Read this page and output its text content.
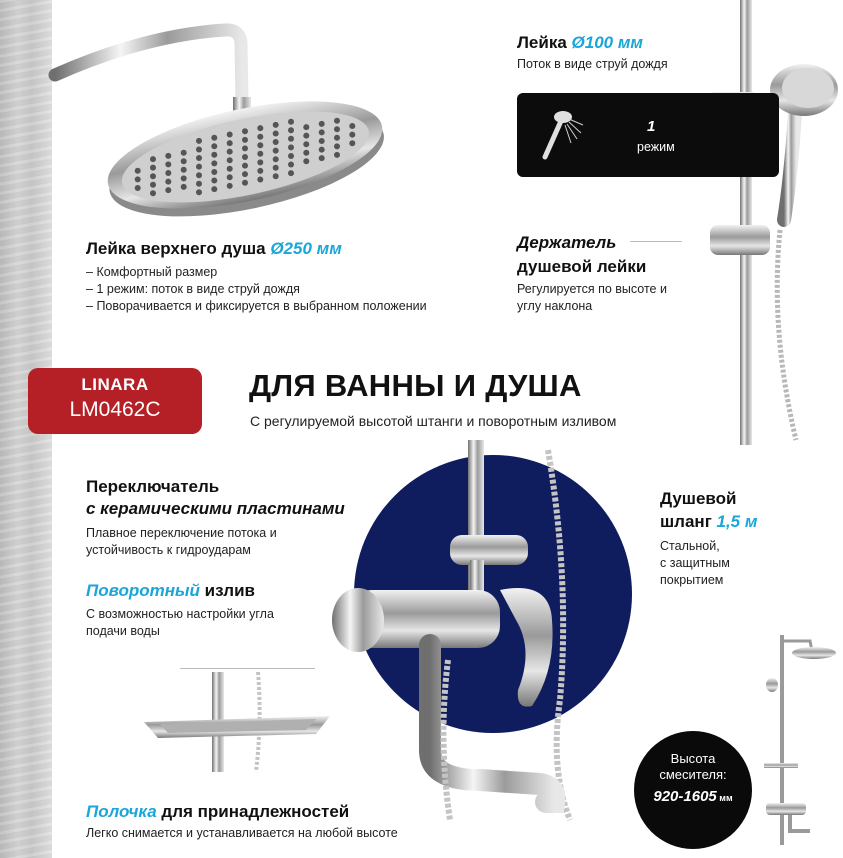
1
режим
Лейка Ø100 мм
Поток в виде струй дождя
Лейка верхнего душа Ø250 мм
– Комфортный размер
– 1 режим: поток в виде струй дождя
– Поворачивается и фиксируется в выбранном положении
Держатель
душевой лейки
Регулируется по высоте и
углу наклона
LINARA
LM0462C
ДЛЯ ВАННЫ И ДУША
С регулируемой высотой штанги и поворотным изливом
Переключатель
с керамическими пластинами
Плавное переключение потока и
устойчивость к гидроударам
Поворотный излив
С возможностью настройки угла
подачи воды
Душевой
шланг 1,5 м
Стальной,
с защитным
покрытием
Полочка для принадлежностей
Легко снимается и устанавливается на любой высоте
Высота
смесителя:
920-1605 мм
